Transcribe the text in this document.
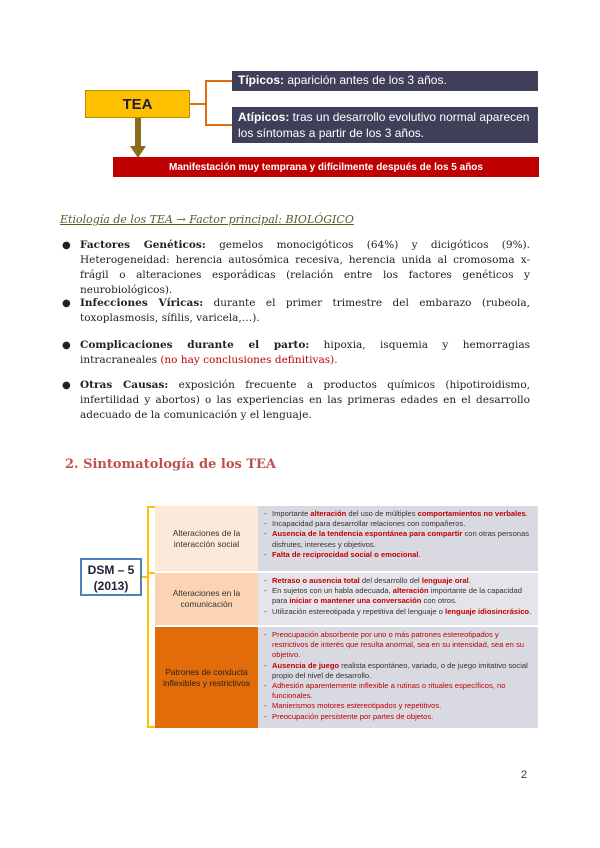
TEA
Típicos: aparición antes de los 3 años.
Atípicos: tras un desarrollo evolutivo normal aparecen los síntomas a partir de los 3 años.
Manifestación muy temprana y difícilmente después de los 5 años
Etiología de los TEA → Factor principal: BIOLÓGICO
● Factores Genéticos: gemelos monocigóticos (64%) y dicigóticos (9%). Heterogeneidad: herencia autosómica recesiva, herencia unida al cromosoma x-frágil o alteraciones esporádicas (relación entre los factores genéticos y neurobiológicos).
● Infecciones Víricas: durante el primer trimestre del embarazo (rubeola, toxoplasmosis, sífilis, varicela,…).
● Complicaciones durante el parto: hipoxia, isquemia y hemorragias intracraneales (no hay conclusiones definitivas).
● Otras Causas: exposición frecuente a productos químicos (hipotiroidismo, infertilidad y abortos) o las experiencias en las primeras edades en el desarrollo adecuado de la comunicación y el lenguaje.
2. Sintomatología de los TEA
DSM – 5
(2013)
Alteraciones de la interacción social
- Importante alteración del uso de múltiples comportamientos no verbales.
- Incapacidad para desarrollar relaciones con compañeros.
- Ausencia de la tendencia espontánea para compartir con otras personas disfrutes, intereses y objetivos.
- Falta de reciprocidad social o emocional.
Alteraciones en la comunicación
- Retraso o ausencia total del desarrollo del lenguaje oral.
- En sujetos con un habla adecuada, alteración importante de la capacidad para iniciar o mantener una conversación con otros.
- Utilización estereotipada y repetitiva del lenguaje o lenguaje idiosincrásico.
Patrones de conducta inflexibles y restrictivos
- Preocupación absorbente por uno o más patrones estereotipados y restrictivos de interés que resulta anormal, sea en su intensidad, sea en su objetivo.
- Ausencia de juego realista espontáneo, variado, o de juego imitativo social propio del nivel de desarrollo.
- Adhesión aparentemente inflexible a rutinas o rituales específicos, no funcionales.
- Manierismos motores estereotipados y repetitivos.
- Preocupación persistente por partes de objetos.
2
